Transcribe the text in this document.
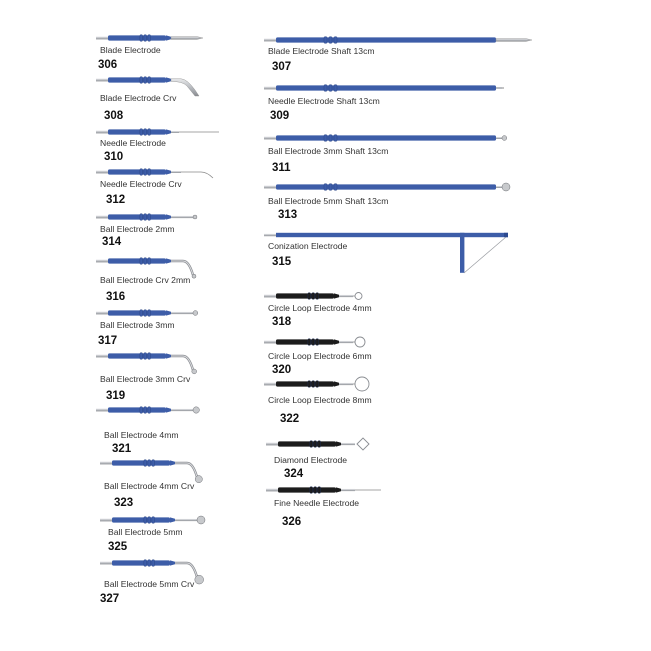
Blade Electrode
306
Blade Electrode Crv
308
Needle Electrode
310
Needle Electrode Crv
312
Ball Electrode 2mm
314
Ball Electrode Crv 2mm
316
Ball Electrode 3mm
317
Ball Electrode 3mm Crv
319
Ball Electrode 4mm
321
Ball Electrode 4mm Crv
323
Ball Electrode 5mm
325
Ball Electrode 5mm Crv
327
Blade Electrode Shaft 13cm
307
Needle Electrode Shaft 13cm
309
Ball Electrode 3mm Shaft 13cm
311
Ball Electrode 5mm Shaft 13cm
313
Conization Electrode
315
Circle Loop Electrode 4mm
318
Circle Loop Electrode 6mm
320
Circle Loop Electrode 8mm
322
Diamond Electrode
324
Fine Needle Electrode
326
